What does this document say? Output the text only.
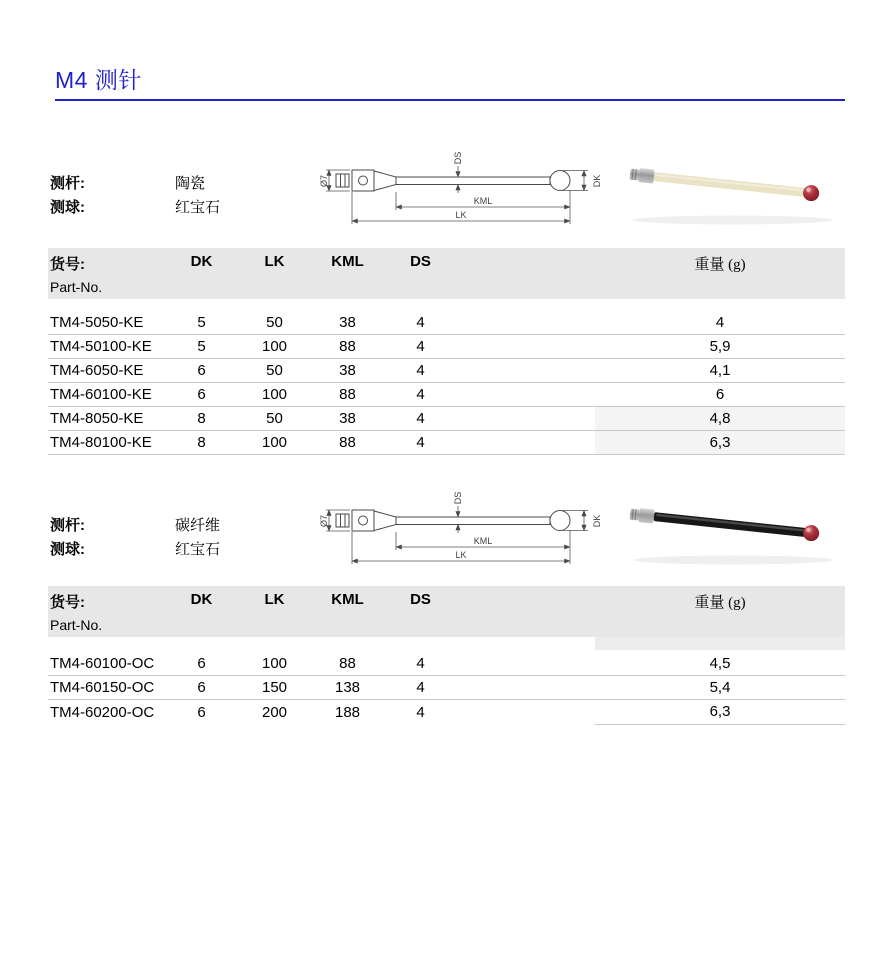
M4 测针
测杆:	陶瓷
测球:	红宝石
Ø7
DS
DK
KML
LK
货号:	DK	LK	KML	DS	重量 (g)
Part-No.
TM4-5050-KE	5	50	38	4	4
TM4-50100-KE	5	100	88	4	5,9
TM4-6050-KE	6	50	38	4	4,1
TM4-60100-KE	6	100	88	4	6
TM4-8050-KE	8	50	38	4	4,8
TM4-80100-KE	8	100	88	4	6,3
测杆:	碳纤维
测球:	红宝石
Ø7
DS
DK
KML
LK
货号:	DK	LK	KML	DS	重量 (g)
Part-No.
TM4-60100-OC	6	100	88	4	4,5
TM4-60150-OC	6	150	138	4	5,4
TM4-60200-OC	6	200	188	4	6,3
